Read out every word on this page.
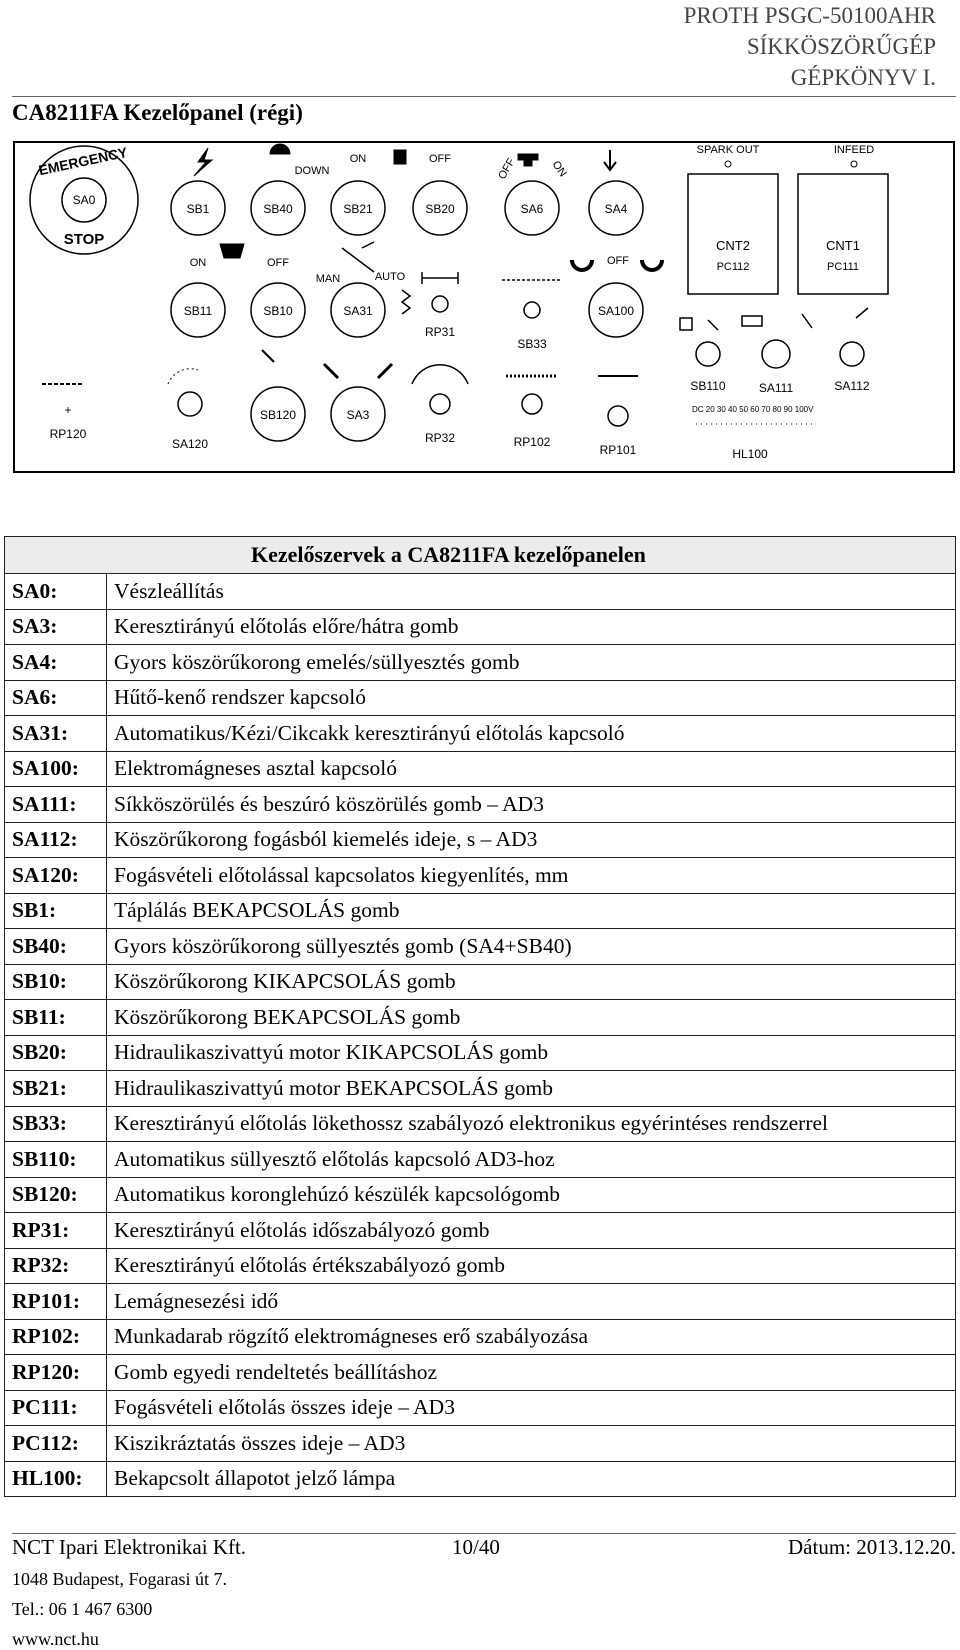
PROTH PSGC-50100AHR
SÍKKÖSZÖRŰGÉP
GÉPKÖNYV I.
CA8211FA Kezelőpanel (régi)
SA0
EMERGENCY
STOP
SB1	SB40	SB21	SB20	SA6	SA4
DOWN
ON	OFF	OFF	ON
SB11	SB10	SA31
RP31
SB33
SA100
ON	OFF
MAN	AUTO
OFF
+
RP120
SA120
SB120	SA3
RP32	RP102
RP101
SPARK OUT	INFEED
CNT2
PC112
CNT1
PC111
SB110	SA111	SA112
DC 20 30 40 50 60 70 80 90 100V
HL100
Kezelőszervek a CA8211FA kezelőpanelen	
SA0:	Vészleállítás
SA3:	Keresztirányú előtolás előre/hátra gomb
SA4:	Gyors köszörűkorong emelés/süllyesztés gomb
SA6:	Hűtő-kenő rendszer kapcsoló
SA31:	Automatikus/Kézi/Cikcakk keresztirányú előtolás kapcsoló
SA100:	Elektromágneses asztal kapcsoló
SA111:	Síkköszörülés és beszúró köszörülés gomb – AD3
SA112:	Köszörűkorong fogásból kiemelés ideje, s – AD3
SA120:	Fogásvételi előtolással kapcsolatos kiegyenlítés, mm
SB1:	Táplálás BEKAPCSOLÁS gomb
SB40:	Gyors köszörűkorong süllyesztés gomb (SA4+SB40)
SB10:	Köszörűkorong KIKAPCSOLÁS gomb
SB11:	Köszörűkorong BEKAPCSOLÁS gomb
SB20:	Hidraulikaszivattyú motor KIKAPCSOLÁS gomb
SB21:	Hidraulikaszivattyú motor BEKAPCSOLÁS gomb
SB33:	Keresztirányú előtolás lökethossz szabályozó elektronikus egyérintéses rendszerrel
SB110:	Automatikus süllyesztő előtolás kapcsoló AD3-hoz
SB120:	Automatikus koronglehúzó készülék kapcsológomb
RP31:	Keresztirányú előtolás időszabályozó gomb
RP32:	Keresztirányú előtolás értékszabályozó gomb
RP101:	Lemágnesezési idő
RP102:	Munkadarab rögzítő elektromágneses erő szabályozása
RP120:	Gomb egyedi rendeltetés beállításhoz
PC111:	Fogásvételi előtolás összes ideje – AD3
PC112:	Kiszikráztatás összes ideje – AD3
HL100:	Bekapcsolt állapotot jelző lámpa
NCT Ipari Elektronikai Kft.	10/40	Dátum: 2013.12.20.
1048 Budapest, Fogarasi út 7.
Tel.: 06 1 467 6300
www.nct.hu
